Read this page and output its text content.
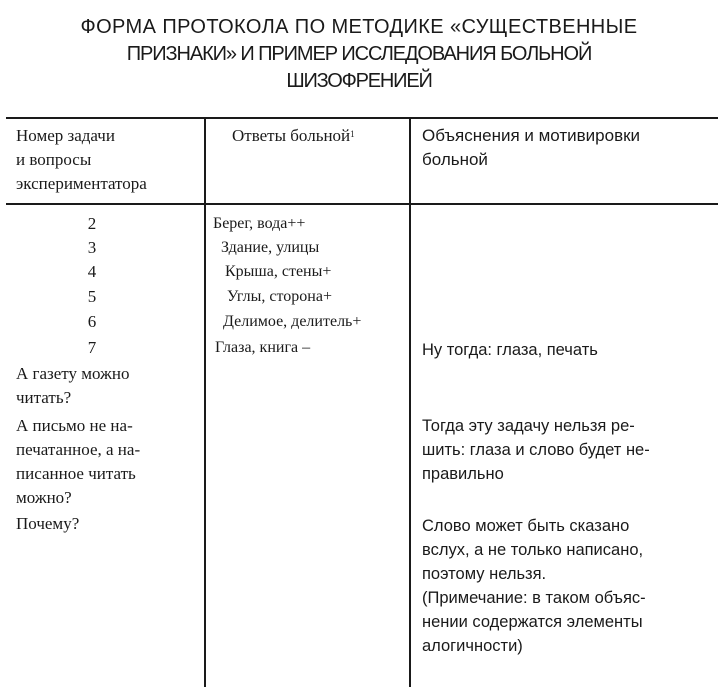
ФОРМА ПРОТОКОЛА ПО МЕТОДИКЕ «СУЩЕСТВЕННЫЕ
ПРИЗНАКИ» И ПРИМЕР ИССЛЕДОВАНИЯ БОЛЬНОЙ
ШИЗОФРЕНИЕЙ
Номер задачи
и вопросы
экспериментатора
Ответы больной$^1$	Объяснения и мотивировки
больной
2
3
4
5
6
7
Берег, вода++
Здание, улицы
Крыша, стены+
Углы, сторона+
Делимое, делитель+
Глаза, книга –	Ну тогда: глаза, печать
А газету можно
читать?
А письмо не на-
печатанное, а на-
писанное читать
можно?
Почему?
Тогда эту задачу нельзя ре-
шить: глаза и слово будет не-
правильно
Слово может быть сказано
вслух, а не только написано,
поэтому нельзя.
(Примечание: в таком объяс-
нении содержатся элементы
алогичности)
